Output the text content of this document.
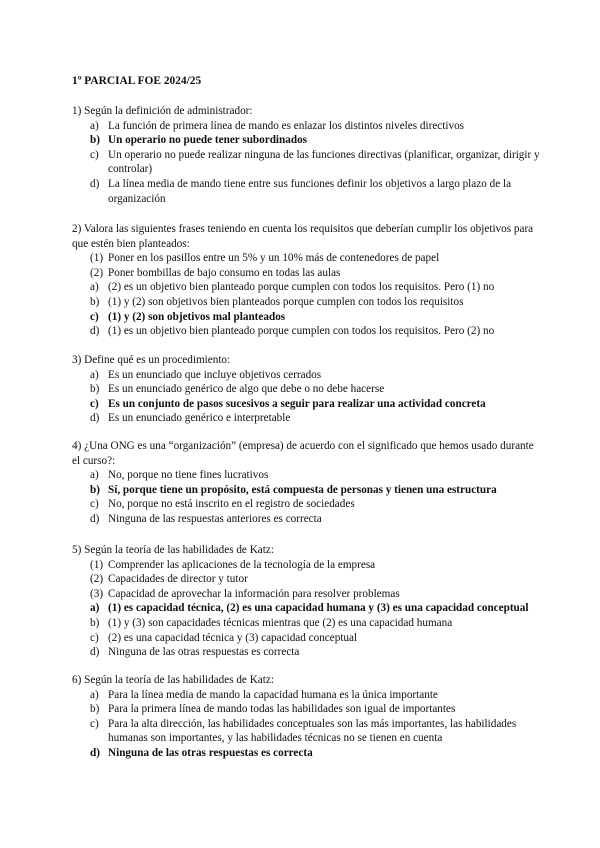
1º PARCIAL FOE 2024/25

1) Según la definición de administrador:

a) La función de primera línea de mando es enlazar los distintos niveles directivos
b) Un operario no puede tener subordinados
c) Un operario no puede realizar ninguna de las funciones directivas (planificar, organizar, dirigir y controlar)
d) La línea media de mando tiene entre sus funciones definir los objetivos a largo plazo de la organización

2) Valora las siguientes frases teniendo en cuenta los requisitos que deberían cumplir los objetivos para que estén bien planteados:

(1) Poner en los pasillos entre un 5% y un 10% más de contenedores de papel
(2) Poner bombillas de bajo consumo en todas las aulas
a) (2) es un objetivo bien planteado porque cumplen con todos los requisitos. Pero (1) no
b) (1) y (2) son objetivos bien planteados porque cumplen con todos los requisitos
c) (1) y (2) son objetivos mal planteados
d) (1) es un objetivo bien planteado porque cumplen con todos los requisitos. Pero (2) no

3) Define qué es un procedimiento:

a) Es un enunciado que incluye objetivos cerrados
b) Es un enunciado genérico de algo que debe o no debe hacerse
c) Es un conjunto de pasos sucesivos a seguir para realizar una actividad concreta
d) Es un enunciado genérico e interpretable

4) ¿Una ONG es una “organización” (empresa) de acuerdo con el significado que hemos usado durante el curso?:

a) No, porque no tiene fines lucrativos
b) Sí, porque tiene un propósito, está compuesta de personas y tienen una estructura
c) No, porque no está inscrito en el registro de sociedades
d) Ninguna de las respuestas anteriores es correcta

5) Según la teoría de las habilidades de Katz:

(1) Comprender las aplicaciones de la tecnología de la empresa
(2) Capacidades de director y tutor
(3) Capacidad de aprovechar la información para resolver problemas
a) (1) es capacidad técnica, (2) es una capacidad humana y (3) es una capacidad conceptual
b) (1) y (3) son capacidades técnicas mientras que (2) es una capacidad humana
c) (2) es una capacidad técnica y (3) capacidad conceptual
d) Ninguna de las otras respuestas es correcta

6) Según la teoría de las habilidades de Katz:

a) Para la línea media de mando la capacidad humana es la única importante
b) Para la primera línea de mando todas las habilidades son igual de importantes
c) Para la alta dirección, las habilidades conceptuales son las más importantes, las habilidades humanas son importantes, y las habilidades técnicas no se tienen en cuenta
d) Ninguna de las otras respuestas es correcta
